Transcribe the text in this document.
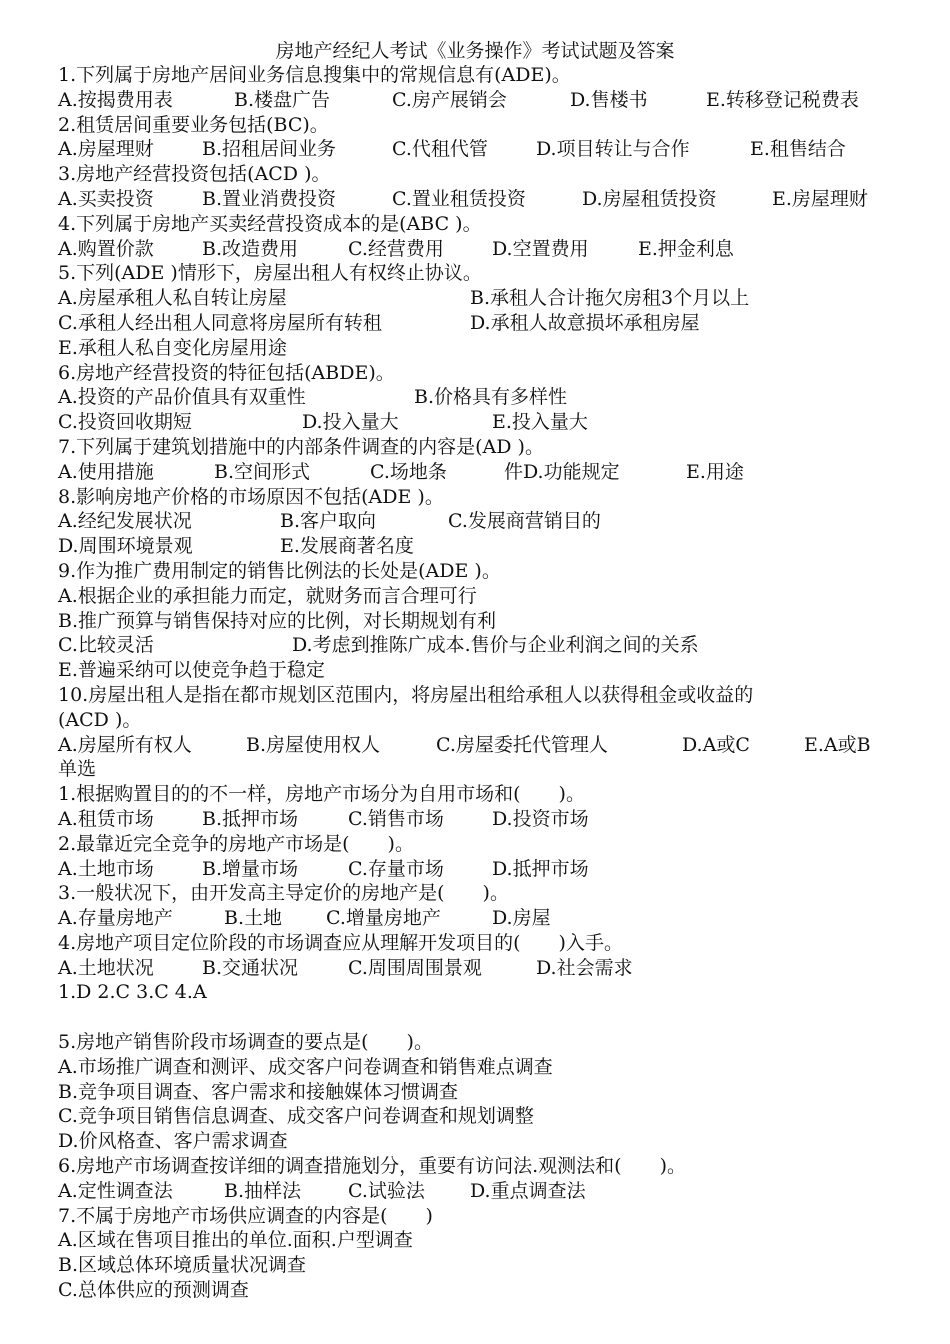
房地产经纪人考试《业务操作》考试试题及答案
1.下列属于房地产居间业务信息搜集中的常规信息有(ADE)。
A.按揭费用表	B.楼盘广告	C.房产展销会	D.售楼书	E.转移登记税费表
2.租赁居间重要业务包括(BC)。
A.房屋理财	B.招租居间业务	C.代租代管	D.项目转让与合作	E.租售结合
3.房地产经营投资包括(ACD )。
A.买卖投资	B.置业消费投资	C.置业租赁投资	D.房屋租赁投资	E.房屋理财
4.下列属于房地产买卖经营投资成本的是(ABC )。
A.购置价款	B.改造费用	C.经营费用	D.空置费用	E.押金利息
5.下列(ADE )情形下，房屋出租人有权终止协议。
A.房屋承租人私自转让房屋	B.承租人合计拖欠房租3个月以上
C.承租人经出租人同意将房屋所有转租	D.承租人故意损坏承租房屋
E.承租人私自变化房屋用途
6.房地产经营投资的特征包括(ABDE)。
A.投资的产品价值具有双重性	B.价格具有多样性
C.投资回收期短	D.投入量大	E.投入量大
7.下列属于建筑划措施中的内部条件调查的内容是(AD )。
A.使用措施	B.空间形式	C.场地条	件D.功能规定	E.用途
8.影响房地产价格的市场原因不包括(ADE )。
A.经纪发展状况	B.客户取向	C.发展商营销目的
D.周围环境景观	E.发展商著名度
9.作为推广费用制定的销售比例法的长处是(ADE )。
A.根据企业的承担能力而定，就财务而言合理可行
B.推广预算与销售保持对应的比例，对长期规划有利
C.比较灵活	D.考虑到推陈广成本.售价与企业利润之间的关系
E.普遍采纳可以使竞争趋于稳定
10.房屋出租人是指在都市规划区范围内，将房屋出租给承租人以获得租金或收益的
(ACD )。
A.房屋所有权人	B.房屋使用权人	C.房屋委托代管理人	D.A或C	E.A或B
单选
1.根据购置目的的不一样，房地产市场分为自用市场和(　　)。
A.租赁市场	B.抵押市场	C.销售市场	D.投资市场
2.最靠近完全竞争的房地产市场是(　　)。
A.土地市场	B.增量市场	C.存量市场	D.抵押市场
3.一般状况下，由开发高主导定价的房地产是(　　)。
A.存量房地产	B.土地 C.增量房地产	D.房屋
4.房地产项目定位阶段的市场调查应从理解开发项目的(　　)入手。
A.土地状况	B.交通状况	C.周围周围景观	D.社会需求
1.D 2.C 3.C 4.A
5.房地产销售阶段市场调查的要点是(　　)。
A.市场推广调查和测评、成交客户问卷调查和销售难点调查
B.竞争项目调查、客户需求和接触媒体习惯调查
C.竞争项目销售信息调查、成交客户问卷调查和规划调整
D.价风格查、客户需求调查
6.房地产市场调查按详细的调查措施划分，重要有访问法.观测法和(　　)。
A.定性调查法	B.抽样法 C.试验法 D.重点调查法
7.不属于房地产市场供应调查的内容是(　　)
A.区域在售项目推出的单位.面积.户型调查
B.区域总体环境质量状况调查
C.总体供应的预测调查
